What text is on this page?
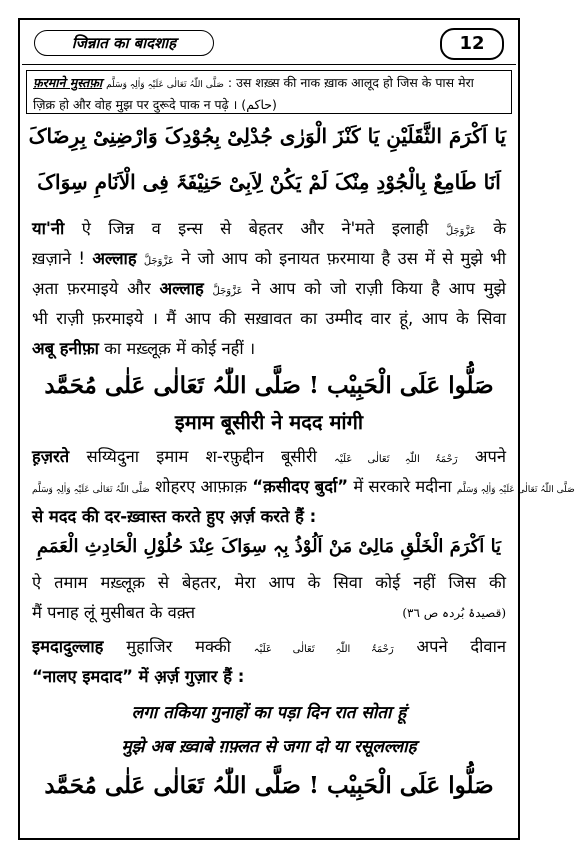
जिन्नात का बादशाह	12
फ़रमाने मुस्तफ़ा صَلَّى اللّٰہُ تَعَالٰی عَلَیْہِ وَاٰلِہٖ وَسَلَّم : उस शख़्स की नाक ख़ाक आलूद हो जिस के पास मेरा
ज़िक्र हो और वोह मुझ पर दुरूदे पाक न पढ़े । (حاکم)
یَا اَکْرَمَ الثَّقَلَیْنِ یَا کَنْزَ الْوَرٰی جُدْلِیْ بِجُوْدِکَ وَارْضِنِیْ بِرِضَاکَ
اَنَا طَامِعٌ بِالْجُوْدِ مِنْکَ لَمْ یَکُنْ لِاَبِیْ حَنِیْفَۃَ فِی الْاَنَامِ سِوَاکَ
या'नी ऐ जिन्न व इन्स से बेहतर और ने'मते इलाही عَزَّوَجَلَّ के
ख़ज़ाने ! अल्लाह عَزَّوَجَلَّ ने जो आप को इनायत फ़रमाया है उस में से मुझे भी
अ़ता फ़रमाइये और अल्लाह عَزَّوَجَلَّ ने आप को जो राज़ी किया है आप मुझे
भी राज़ी फ़रमाइये । मैं आप की सख़ावत का उम्मीद वार हूं, आप के सिवा
अबू हनीफ़ा का मख़्लूक़ में कोई नहीं ।
صَلُّوا عَلَی الْحَبِیْب ! صَلَّی اللّٰہُ تَعَالٰی عَلٰی مُحَمَّد
इमाम बूसीरी ने मदद मांगी
ह़ज़रते सय्यिदुना इमाम श-रफ़ुद्दीन बूसीरी رَحْمَۃُ اللّٰہِ تَعَالٰی عَلَیْہ अपने
صَلَّی اللّٰہُ تَعَالٰی عَلَیْہِ وَاٰلِہٖ وَسَلَّم शोहरए आफ़ाक़ “क़सीदए बुर्दा” में सरकारे मदीना صَلَّی اللّٰہُ تَعَالٰی عَلَیْہِ وَاٰلِہٖ وَسَلَّم
से मदद की दर-ख़्वास्त करते हुए अ़र्ज़ करते हैं :
یَا اَکْرَمَ الْخَلْقِ مَالِیْ مَنْ اَلُوْذُ بِہٖ سِوَاکَ عِنْدَ حُلُوْلِ الْحَادِثِ الْعَمَمِ
ऐ तमाम मख़्लूक़ से बेहतर, मेरा आप के सिवा कोई नहीं जिस की
मैं पनाह लूं मुसीबत के वक़्त	(قصیدۂ بُردہ ص ٣٦)
इमदादुल्लाह मुहाजिर मक्की رَحْمَۃُ اللّٰہِ تَعَالٰی عَلَیْہ अपने दीवान
“नालए इमदाद” में अ़र्ज़ गुज़ार हैं :
लगा तकिया गुनाहों का पड़ा दिन रात सोता हूं
मुझे अब ख़्वाबे ग़फ़्लत से जगा दो या रसूलल्लाह
صَلُّوا عَلَی الْحَبِیْب ! صَلَّی اللّٰہُ تَعَالٰی عَلٰی مُحَمَّد
